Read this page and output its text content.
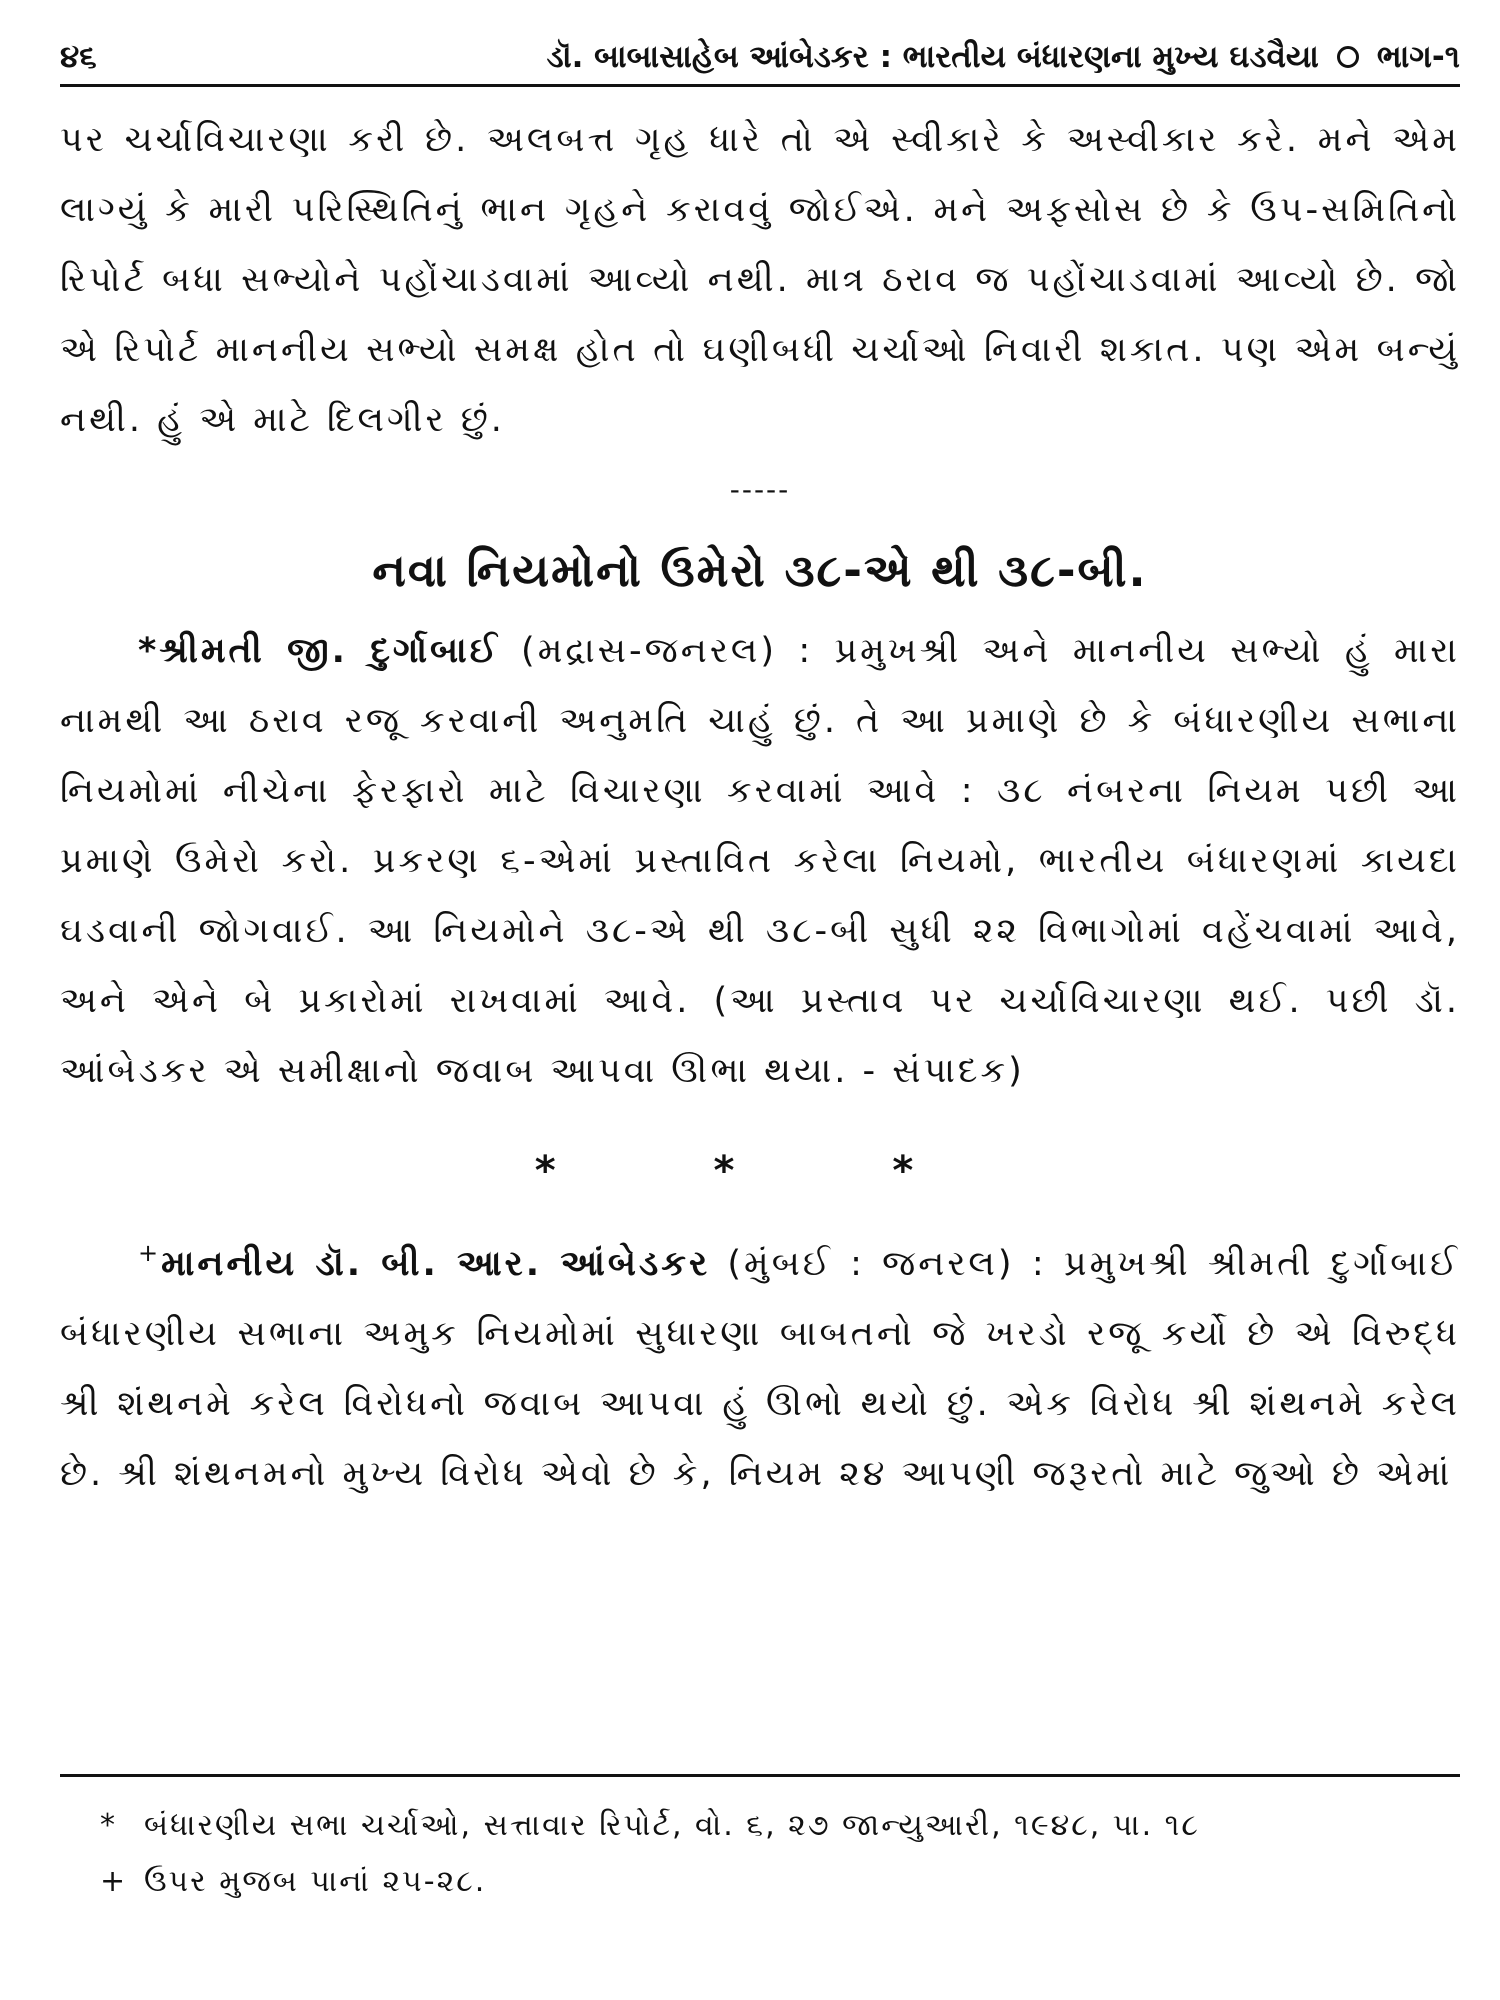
૪૬	ડૉ. બાબાસાહેબ આંબેડકર : ભારતીય બંધારણના મુખ્ય ઘડવૈયા ભાગ-૧

પર ચર્ચાવિચારણા કરી છે. અલબત્ત ગૃહ ધારે તો એ સ્વીકારે કે અસ્વીકાર કરે. મને એમ લાગ્યું કે મારી પરિસ્થિતિનું ભાન ગૃહને કરાવવું જોઈએ. મને અફસોસ છે કે ઉપ-સમિતિનો રિપોર્ટ બધા સભ્યોને પહોંચાડવામાં આવ્યો નથી. માત્ર ઠરાવ જ પહોંચાડવામાં આવ્યો છે. જો એ રિપોર્ટ માનનીય સભ્યો સમક્ષ હોત તો ઘણીબધી ચર્ચાઓ નિવારી શકાત. પણ એમ બન્યું નથી. હું એ માટે દિલગીર છું.

-----
નવા નિયમોનો ઉમેરો ૩૮-એ થી ૩૮-બી.

*શ્રીમતી જી. દુર્ગાબાઈ (મદ્રાસ-જનરલ) : પ્રમુખશ્રી અને માનનીય સભ્યો હું મારા નામથી આ ઠરાવ રજૂ કરવાની અનુમતિ ચાહું છું. તે આ પ્રમાણે છે કે બંધારણીય સભાના નિયમોમાં નીચેના ફેરફારો માટે વિચારણા કરવામાં આવે : ૩૮ નંબરના નિયમ પછી આ પ્રમાણે ઉમેરો કરો. પ્રકરણ ૬-એમાં પ્રસ્તાવિત કરેલા નિયમો, ભારતીય બંધારણમાં કાયદા ઘડવાની જોગવાઈ. આ નિયમોને ૩૮-એ થી ૩૮-બી સુધી ૨૨ વિભાગોમાં વહેંચવામાં આવે, અને એને બે પ્રકારોમાં રાખવામાં આવે. (આ પ્રસ્તાવ પર ચર્ચાવિચારણા થઈ. પછી ડૉ. આંબેડકર એ સમીક્ષાનો જવાબ આપવા ઊભા થયા. - સંપાદક)

* * *

+માનનીય ડૉ. બી. આર. આંબેડકર (મુંબઈ : જનરલ) : પ્રમુખશ્રી શ્રીમતી દુર્ગાબાઈ બંધારણીય સભાના અમુક નિયમોમાં સુધારણા બાબતનો જે ખરડો રજૂ કર્યો છે એ વિરુદ્ધ શ્રી શંથનમે કરેલ વિરોધનો જવાબ આપવા હું ઊભો થયો છું. એક વિરોધ શ્રી શંથનમે કરેલ છે. શ્રી શંથનમનો મુખ્ય વિરોધ એવો છે કે, નિયમ ૨૪ આપણી જરૂરતો માટે જુઓ છે એમાં

* બંધારણીય સભા ચર્ચાઓ, સત્તાવાર રિપોર્ટ, વો. ૬, ૨૭ જાન્યુઆરી, ૧૯૪૮, પા. ૧૮
+ ઉપર મુજબ પાનાં ૨૫-૨૮.
